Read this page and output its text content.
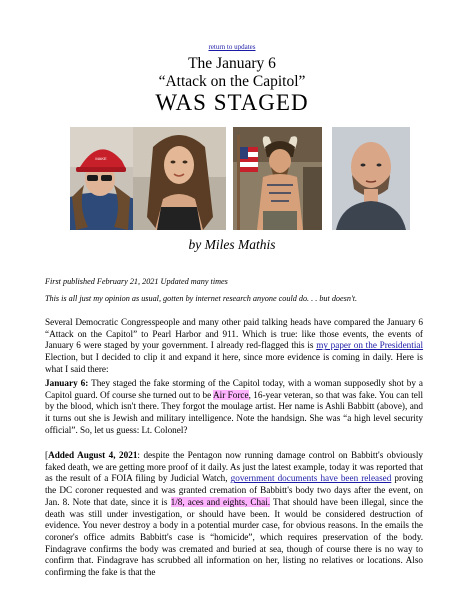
return to updates
The January 6
“Attack on the Capitol”
WAS STAGED
MAKE
by Miles Mathis
First published February 21, 2021 Updated many times
This is all just my opinion as usual, gotten by internet research anyone could do. . . but doesn't.
Several Democratic Congresspeople and many other paid talking heads have compared the January 6 “Attack on the Capitol” to Pearl Harbor and 911. Which is true: like those events, the events of January 6 were staged by your government. I already red-flagged this is my paper on the Presidential Election, but I decided to clip it and expand it here, since more evidence is coming in daily. Here is what I said there:
January 6: They staged the fake storming of the Capitol today, with a woman supposedly shot by a Capitol guard. Of course she turned out to be Air Force, 16-year veteran, so that was fake. You can tell by the blood, which isn't there. They forgot the moulage artist. Her name is Ashli Babbitt (above), and it turns out she is Jewish and military intelligence. Note the handsign. She was “a high level security official”. So, let us guess: Lt. Colonel?
[Added August 4, 2021: despite the Pentagon now running damage control on Babbitt's obviously faked death, we are getting more proof of it daily. As just the latest example, today it was reported that as the result of a FOIA filing by Judicial Watch, government documents have been released proving the DC coroner requested and was granted cremation of Babbitt's body two days after the event, on Jan. 8. Note that date, since it is 1/8, aces and eights, Chai. That should have been illegal, since the death was still under investigation, or should have been. It would be considered destruction of evidence. You never destroy a body in a potential murder case, for obvious reasons. In the emails the coroner's office admits Babbitt's case is “homicide”, which requires preservation of the body. Findagrave confirms the body was cremated and buried at sea, though of course there is no way to confirm that. Findagrave has scrubbed all information on her, listing no relatives or locations. Also confirming the fake is that the
